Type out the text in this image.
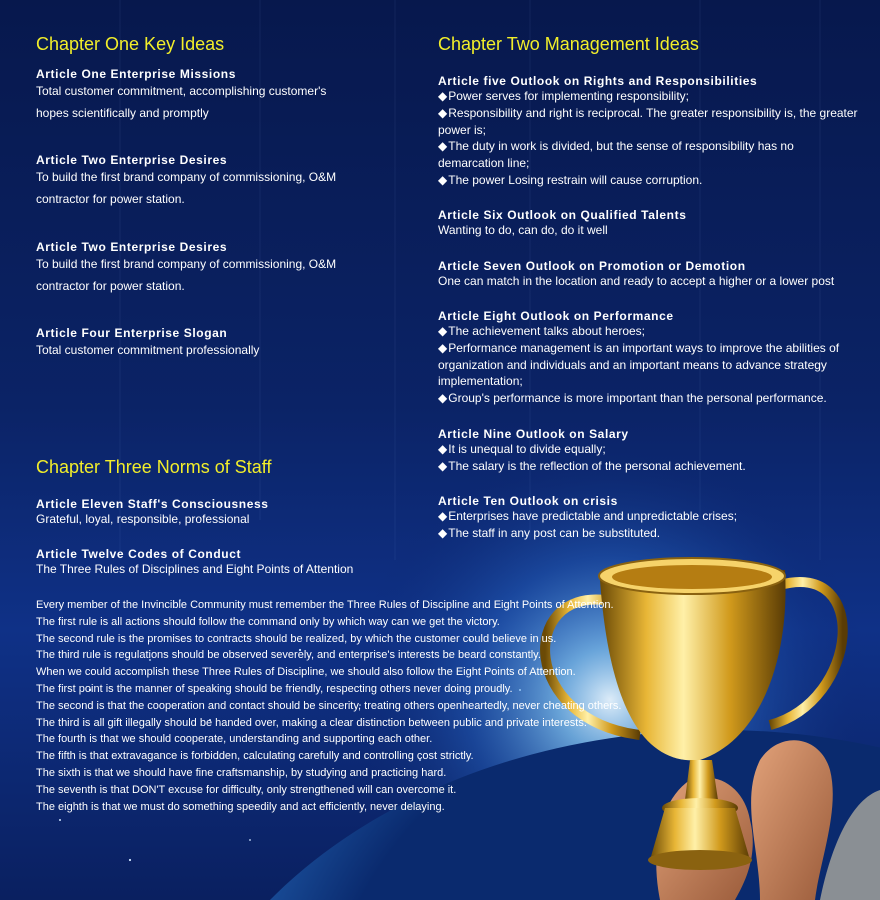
Chapter One Key Ideas

Article One Enterprise Missions

Total customer commitment, accomplishing customer's

hopes scientifically and promptly

Article Two Enterprise Desires

To build the first brand company of commissioning, O&M

contractor for power station.

Article Two Enterprise Desires

To build the first brand company of commissioning, O&M

contractor for power station.

Article Four Enterprise Slogan

Total customer commitment professionally

Chapter Two Management Ideas

Article five Outlook on Rights and Responsibilities

◆Power serves for implementing responsibility;

◆Responsibility and right is reciprocal. The greater responsibility is, the greater power is;

◆The duty in work is divided, but the sense of responsibility has no demarcation line;

◆The power Losing restrain will cause corruption.

Article Six Outlook on Qualified Talents

Wanting to do, can do, do it well

Article Seven Outlook on Promotion or Demotion

One can match in the location and ready to accept a higher or a lower post

Article Eight Outlook on Performance

◆The achievement talks about heroes;

◆Performance management is an important ways to improve the abilities of organization and individuals and an important means to advance strategy implementation;

◆Group's performance is more important than the personal performance.

Article Nine Outlook on Salary

◆It is unequal to divide equally;

◆The salary is the reflection of the personal achievement.

Article Ten Outlook on crisis

◆Enterprises have predictable and unpredictable crises;

◆The staff in any post can be substituted.

Chapter Three Norms of Staff

Article Eleven Staff's Consciousness

Grateful, loyal, responsible, professional

Article Twelve Codes of Conduct

The Three Rules of Disciplines and Eight Points of Attention

Every member of the Invincible Community must remember the Three Rules of Discipline and Eight Points of Attention.

The first rule is all actions should follow the command only by which way can we get the victory.

The second rule is the promises to contracts should be realized, by which the customer could believe in us.

The third rule is regulations should be observed severely, and enterprise's interests be beard constantly.

When we could accomplish these Three Rules of Discipline, we should also follow the Eight Points of Attention.

The first point is the manner of speaking should be friendly, respecting others never doing proudly.

The second is that the cooperation and contact should be sincerity, treating others openheartedly, never cheating others.

The third is all gift illegally should be handed over, making a clear distinction between public and private interests.

The fourth is that we should cooperate, understanding and supporting each other.

The fifth is that extravagance is forbidden, calculating carefully and controlling cost strictly.

The sixth is that we should have fine craftsmanship, by studying and practicing hard.

The seventh is that DON'T excuse for difficulty, only strengthened will can overcome it.

The eighth is that we must do something speedily and act efficiently, never delaying.
